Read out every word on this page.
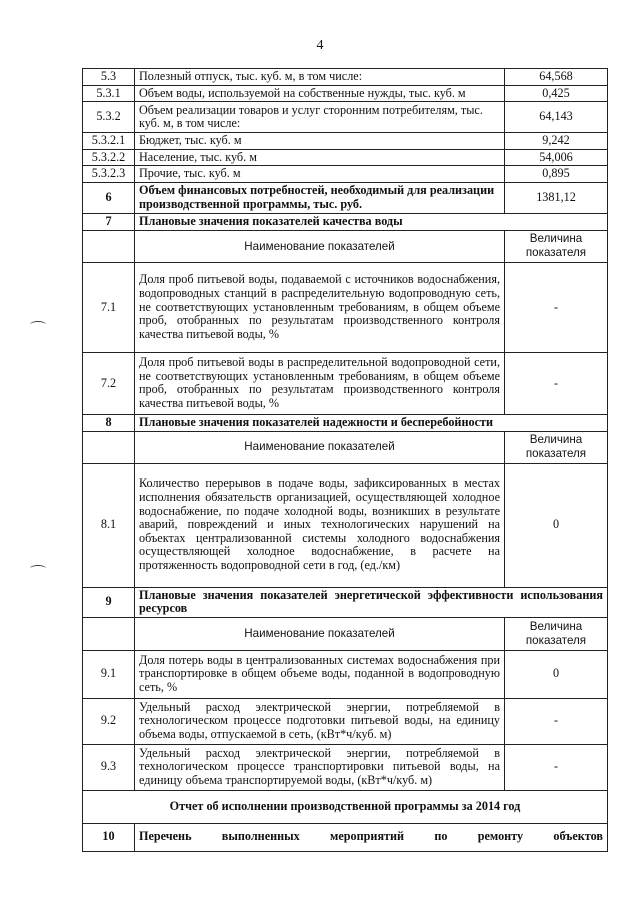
4
5.3	Полезный отпуск, тыс. куб. м, в том числе:	64,568
5.3.1	Объем воды, используемой на собственные нужды, тыс. куб. м	0,425
5.3.2	Объем реализации товаров и услуг сторонним потребителям, тыс. куб. м, в том числе:	64,143
5.3.2.1	Бюджет, тыс. куб. м	9,242
5.3.2.2	Население, тыс. куб. м	54,006
5.3.2.3	Прочие, тыс. куб. м	0,895
6	Объем финансовых потребностей, необходимый для реализации производственной программы, тыс. руб.	1381,12
7	Плановые значения показателей качества воды	
	Наименование показателей	Величина показателя
7.1	Доля проб питьевой воды, подаваемой с источников водоснабжения, водопроводных станций в распределительную водопроводную сеть, не соответствующих установленным требованиям, в общем объеме проб, отобранных по результатам производственного контроля качества питьевой воды, %	-
7.2	Доля проб питьевой воды в распределительной водопроводной сети, не соответствующих установленным требованиям, в общем объеме проб, отобранных по результатам производственного контроля качества питьевой воды, %	-
8	Плановые значения показателей надежности и бесперебойности	
	Наименование показателей	Величина показателя
8.1	Количество перерывов в подаче воды, зафиксированных в местах исполнения обязательств организацией, осуществляющей холодное водоснабжение, по подаче холодной воды, возникших в результате аварий, повреждений и иных технологических нарушений на объектах централизованной системы холодного водоснабжения осуществляющей холодное водоснабжение, в расчете на протяженность водопроводной сети в год, (ед./км)	0
9	Плановые значения показателей энергетической эффективности использования ресурсов	
	Наименование показателей	Величина показателя
9.1	Доля потерь воды в централизованных системах водоснабжения при транспортировке в общем объеме воды, поданной в водопроводную сеть, %	0
9.2	Удельный расход электрической энергии, потребляемой в технологическом процессе подготовки питьевой воды, на единицу объема воды, отпускаемой в сеть, (кВт*ч/куб. м)	-
9.3	Удельный расход электрической энергии, потребляемой в технологическом процессе транспортировки питьевой воды, на единицу объема транспортируемой воды, (кВт*ч/куб. м)	-
Отчет об исполнении производственной программы за 2014 год		
10	Перечень выполненных мероприятий по ремонту объектов	
